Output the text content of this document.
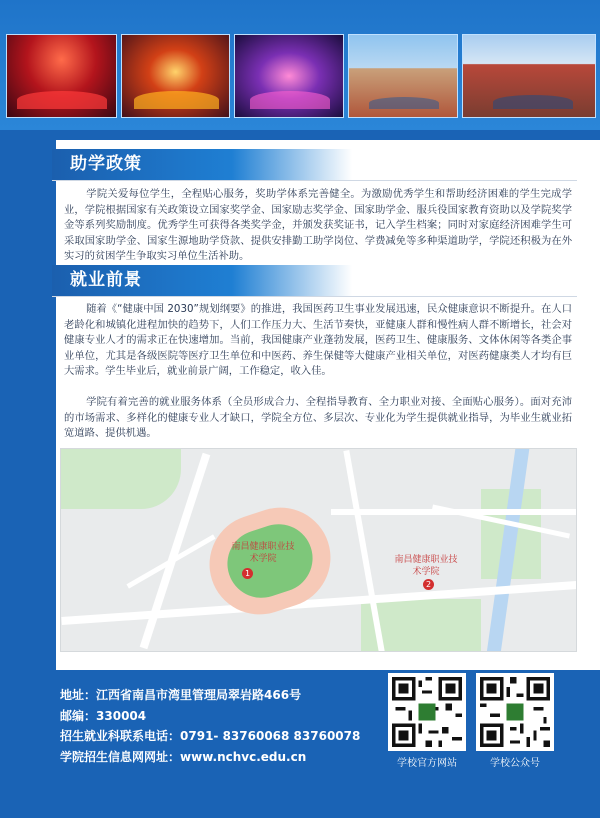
助学政策
学院关爱每位学生，全程贴心服务，奖助学体系完善健全。为激励优秀学生和帮助经济困难的学生完成学业，学院根据国家有关政策设立国家奖学金、国家励志奖学金、国家助学金、服兵役国家教育资助以及学院奖学金等系列奖励制度。优秀学生可获得各类奖学金，并颁发获奖证书，记入学生档案；同时对家庭经济困难学生可采取国家助学金、国家生源地助学贷款、提供安排勤工助学岗位、学费减免等多种渠道助学，学院还积极为在外实习的贫困学生争取实习单位生活补助。
就业前景
随着《“健康中国 2030”规划纲要》的推进，我国医药卫生事业发展迅速，民众健康意识不断提升。在人口老龄化和城镇化进程加快的趋势下，人们工作压力大、生活节奏快，亚健康人群和慢性病人群不断增长，社会对健康专业人才的需求正在快速增加。当前，我国健康产业蓬勃发展，医药卫生、健康服务、文体休闲等各类企事业单位，尤其是各级医院等医疗卫生单位和中医药、养生保健等大健康产业相关单位，对医药健康类人才均有巨大需求。学生毕业后，就业前景广阔，工作稳定，收入佳。
学院有着完善的就业服务体系（全员形成合力、全程指导教育、全力职业对接、全面贴心服务）。面对充沛的市场需求、多样化的健康专业人才缺口，学院全方位、多层次、专业化为学生提供就业指导，为毕业生就业拓宽道路、提供机遇。
南昌健康职业技术学院
1
南昌健康职业技术学院
2
地址：江西省南昌市湾里管理局翠岩路466号
邮编：330004
招生就业科联系电话：0791- 83760068 83760078
学院招生信息网网址：www.nchvc.edu.cn	学校官方网站	学校公众号
